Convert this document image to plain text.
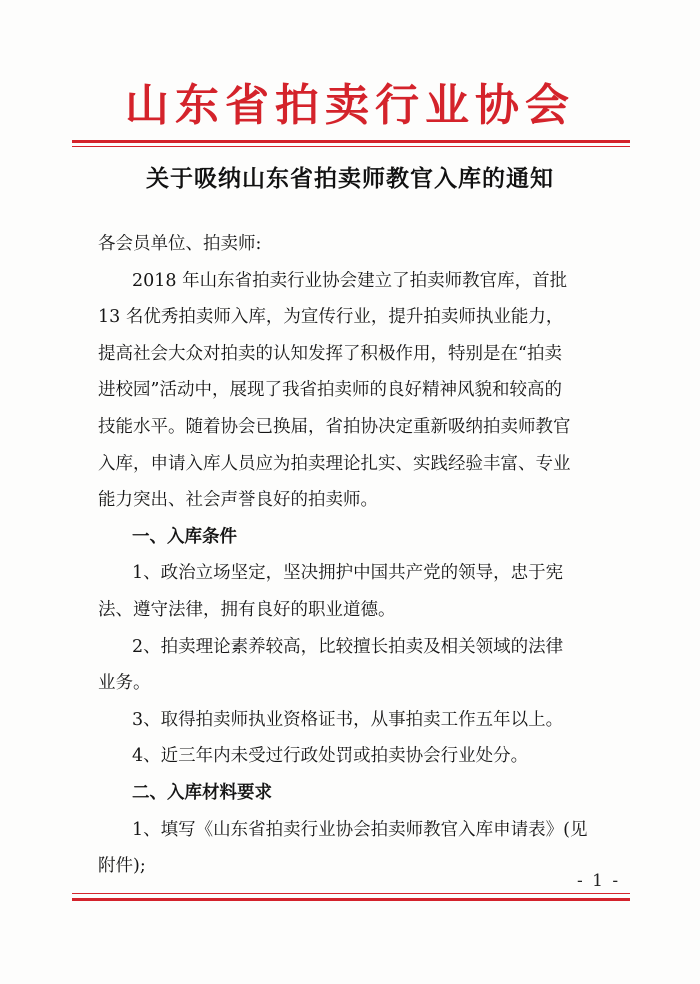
山东省拍卖行业协会
关于吸纳山东省拍卖师教官入库的通知
各会员单位、拍卖师:
2018 年山东省拍卖行业协会建立了拍卖师教官库，首批
13 名优秀拍卖师入库，为宣传行业，提升拍卖师执业能力，
提高社会大众对拍卖的认知发挥了积极作用，特别是在“拍卖
进校园”活动中，展现了我省拍卖师的良好精神风貌和较高的
技能水平。随着协会已换届，省拍协决定重新吸纳拍卖师教官
入库，申请入库人员应为拍卖理论扎实、实践经验丰富、专业
能力突出、社会声誉良好的拍卖师。
一、入库条件
1、政治立场坚定，坚决拥护中国共产党的领导，忠于宪
法、遵守法律，拥有良好的职业道德。
2、拍卖理论素养较高，比较擅长拍卖及相关领域的法律
业务。
3、取得拍卖师执业资格证书，从事拍卖工作五年以上。
4、近三年内未受过行政处罚或拍卖协会行业处分。
二、入库材料要求
1、填写《山东省拍卖行业协会拍卖师教官入库申请表》(见
附件);
- 1 -
